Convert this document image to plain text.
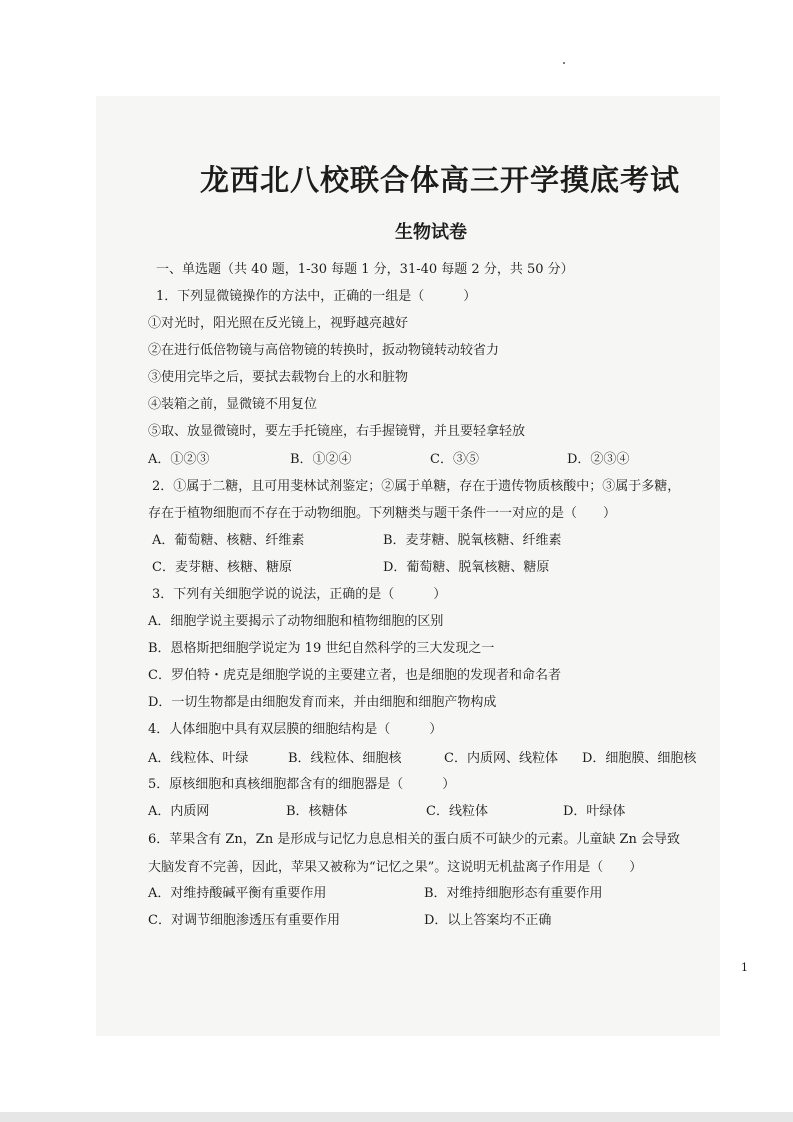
龙西北八校联合体高三开学摸底考试
生物试卷
一、单选题（共 40 题，1-30 每题 1 分，31-40 每题 2 分，共 50 分）
1．下列显微镜操作的方法中，正确的一组是（　　　）
①对光时，阳光照在反光镜上，视野越亮越好
②在进行低倍物镜与高倍物镜的转换时，扳动物镜转动较省力
③使用完毕之后，要拭去载物台上的水和脏物
④装箱之前，显微镜不用复位
⑤取、放显微镜时，要左手托镜座，右手握镜臂，并且要轻拿轻放
A．①②③	B．①②④	C．③⑤	D．②③④
2．①属于二糖，且可用斐林试剂鉴定；②属于单糖，存在于遗传物质核酸中；③属于多糖，
存在于植物细胞而不存在于动物细胞。下列糖类与题干条件一一对应的是（　　）
A．葡萄糖、核糖、纤维素	B．麦芽糖、脱氧核糖、纤维素
C．麦芽糖、核糖、糖原	D．葡萄糖、脱氧核糖、糖原
3．下列有关细胞学说的说法，正确的是（　　　）
A．细胞学说主要揭示了动物细胞和植物细胞的区别
B．恩格斯把细胞学说定为 19 世纪自然科学的三大发现之一
C．罗伯特・虎克是细胞学说的主要建立者，也是细胞的发现者和命名者
D．一切生物都是由细胞发育而来，并由细胞和细胞产物构成
4．人体细胞中具有双层膜的细胞结构是（　　　）
A．线粒体、叶绿	B．线粒体、细胞核	C．内质网、线粒体 D．细胞膜、细胞核
5．原核细胞和真核细胞都含有的细胞器是（　　　）
A．内质网	B．核糖体	C．线粒体	D．叶绿体
6．苹果含有 Zn，Zn 是形成与记忆力息息相关的蛋白质不可缺少的元素。儿童缺 Zn 会导致
大脑发育不完善，因此，苹果又被称为“记忆之果”。这说明无机盐离子作用是（　　）
A．对维持酸碱平衡有重要作用	B．对维持细胞形态有重要作用
C．对调节细胞渗透压有重要作用	D．以上答案均不正确
1
